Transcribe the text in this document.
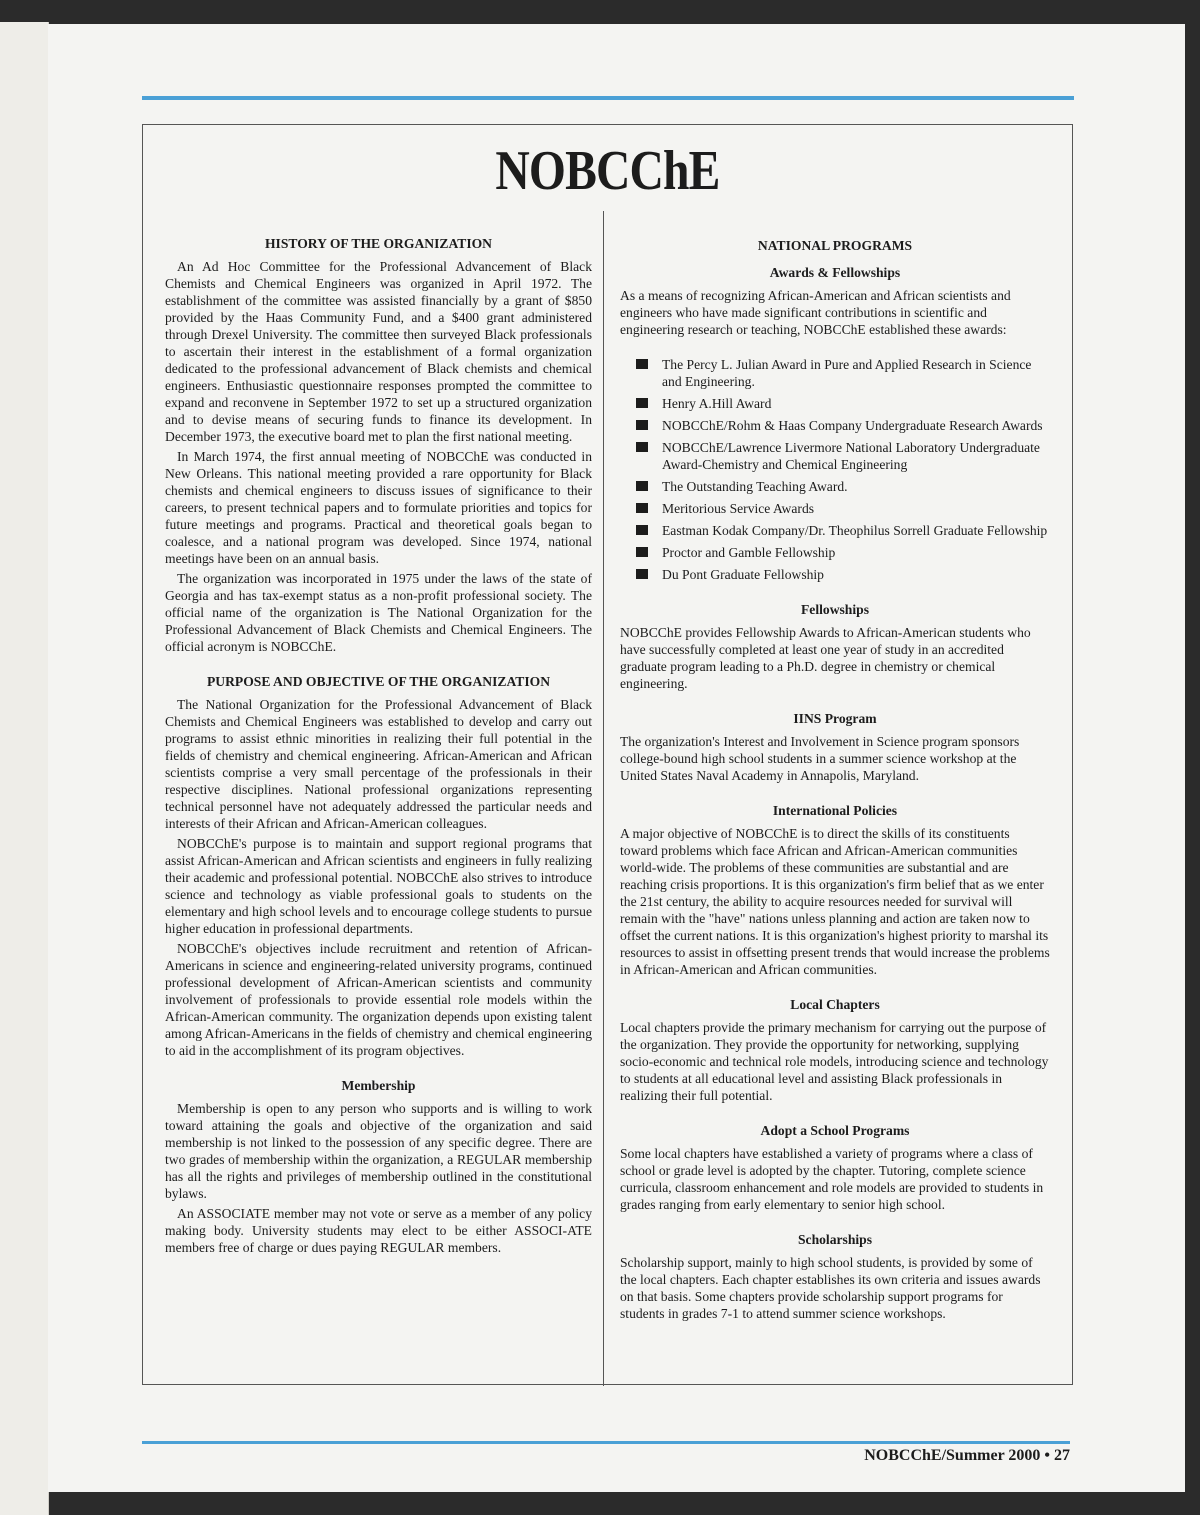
NOBCChE
HISTORY OF THE ORGANIZATION

An Ad Hoc Committee for the Professional Advancement of Black Chemists and Chemical Engineers was organized in April 1972. The establishment of the committee was assisted financially by a grant of $850 provided by the Haas Community Fund, and a $400 grant administered through Drexel University. The committee then surveyed Black professionals to ascertain their interest in the establishment of a formal organization dedicated to the professional advancement of Black chemists and chemical engineers. Enthusiastic questionnaire responses prompted the committee to expand and reconvene in September 1972 to set up a structured organization and to devise means of securing funds to finance its development. In December 1973, the executive board met to plan the first national meeting.

In March 1974, the first annual meeting of NOBCChE was conducted in New Orleans. This national meeting provided a rare opportunity for Black chemists and chemical engineers to discuss issues of significance to their careers, to present technical papers and to formulate priorities and topics for future meetings and programs. Practical and theoretical goals began to coalesce, and a national program was developed. Since 1974, national meetings have been on an annual basis.

The organization was incorporated in 1975 under the laws of the state of Georgia and has tax-exempt status as a non-profit professional society. The official name of the organization is The National Organization for the Professional Advancement of Black Chemists and Chemical Engineers. The official acronym is NOBCChE.

PURPOSE AND OBJECTIVE OF THE ORGANIZATION

The National Organization for the Professional Advancement of Black Chemists and Chemical Engineers was established to develop and carry out programs to assist ethnic minorities in realizing their full potential in the fields of chemistry and chemical engineering. African-American and African scientists comprise a very small percentage of the professionals in their respective disciplines. National professional organizations representing technical personnel have not adequately addressed the particular needs and interests of their African and African-American colleagues.

NOBCChE's purpose is to maintain and support regional programs that assist African-American and African scientists and engineers in fully realizing their academic and professional potential. NOBCChE also strives to introduce science and technology as viable professional goals to students on the elementary and high school levels and to encourage college students to pursue higher education in professional departments.

NOBCChE's objectives include recruitment and retention of African-Americans in science and engineering-related university programs, continued professional development of African-American scientists and community involvement of professionals to provide essential role models within the African-American community. The organization depends upon existing talent among African-Americans in the fields of chemistry and chemical engineering to aid in the accomplishment of its program objectives.

Membership

Membership is open to any person who supports and is willing to work toward attaining the goals and objective of the organization and said membership is not linked to the possession of any specific degree. There are two grades of membership within the organization, a REGULAR membership has all the rights and privileges of membership outlined in the constitutional bylaws.

An ASSOCIATE member may not vote or serve as a member of any policy making body. University students may elect to be either ASSOCI-ATE members free of charge or dues paying REGULAR members.

NATIONAL PROGRAMS
Awards & Fellowships

As a means of recognizing African-American and African scientists and engineers who have made significant contributions in scientific and engineering research or teaching, NOBCChE established these awards:

The Percy L. Julian Award in Pure and Applied Research in Science and Engineering.
Henry A.Hill Award
NOBCChE/Rohm & Haas Company Undergraduate Research Awards
NOBCChE/Lawrence Livermore National Laboratory Undergraduate Award-Chemistry and Chemical Engineering
The Outstanding Teaching Award.
Meritorious Service Awards
Eastman Kodak Company/Dr. Theophilus Sorrell Graduate Fellowship
Proctor and Gamble Fellowship
Du Pont Graduate Fellowship
Fellowships

NOBCChE provides Fellowship Awards to African-American students who have successfully completed at least one year of study in an accredited graduate program leading to a Ph.D. degree in chemistry or chemical engineering.

IINS Program

The organization's Interest and Involvement in Science program sponsors college-bound high school students in a summer science workshop at the United States Naval Academy in Annapolis, Maryland.

International Policies

A major objective of NOBCChE is to direct the skills of its constituents toward problems which face African and African-American communities world-wide. The problems of these communities are substantial and are reaching crisis proportions. It is this organization's firm belief that as we enter the 21st century, the ability to acquire resources needed for survival will remain with the "have" nations unless planning and action are taken now to offset the current nations. It is this organization's highest priority to marshal its resources to assist in offsetting present trends that would increase the problems in African-American and African communities.

Local Chapters

Local chapters provide the primary mechanism for carrying out the purpose of the organization. They provide the opportunity for networking, supplying socio-economic and technical role models, introducing science and technology to students at all educational level and assisting Black professionals in realizing their full potential.

Adopt a School Programs

Some local chapters have established a variety of programs where a class of school or grade level is adopted by the chapter. Tutoring, complete science curricula, classroom enhancement and role models are provided to students in grades ranging from early elementary to senior high school.

Scholarships

Scholarship support, mainly to high school students, is provided by some of the local chapters. Each chapter establishes its own criteria and issues awards on that basis. Some chapters provide scholarship support programs for students in grades 7-1 to attend summer science workshops.

NOBCChE/Summer 2000 • 27
